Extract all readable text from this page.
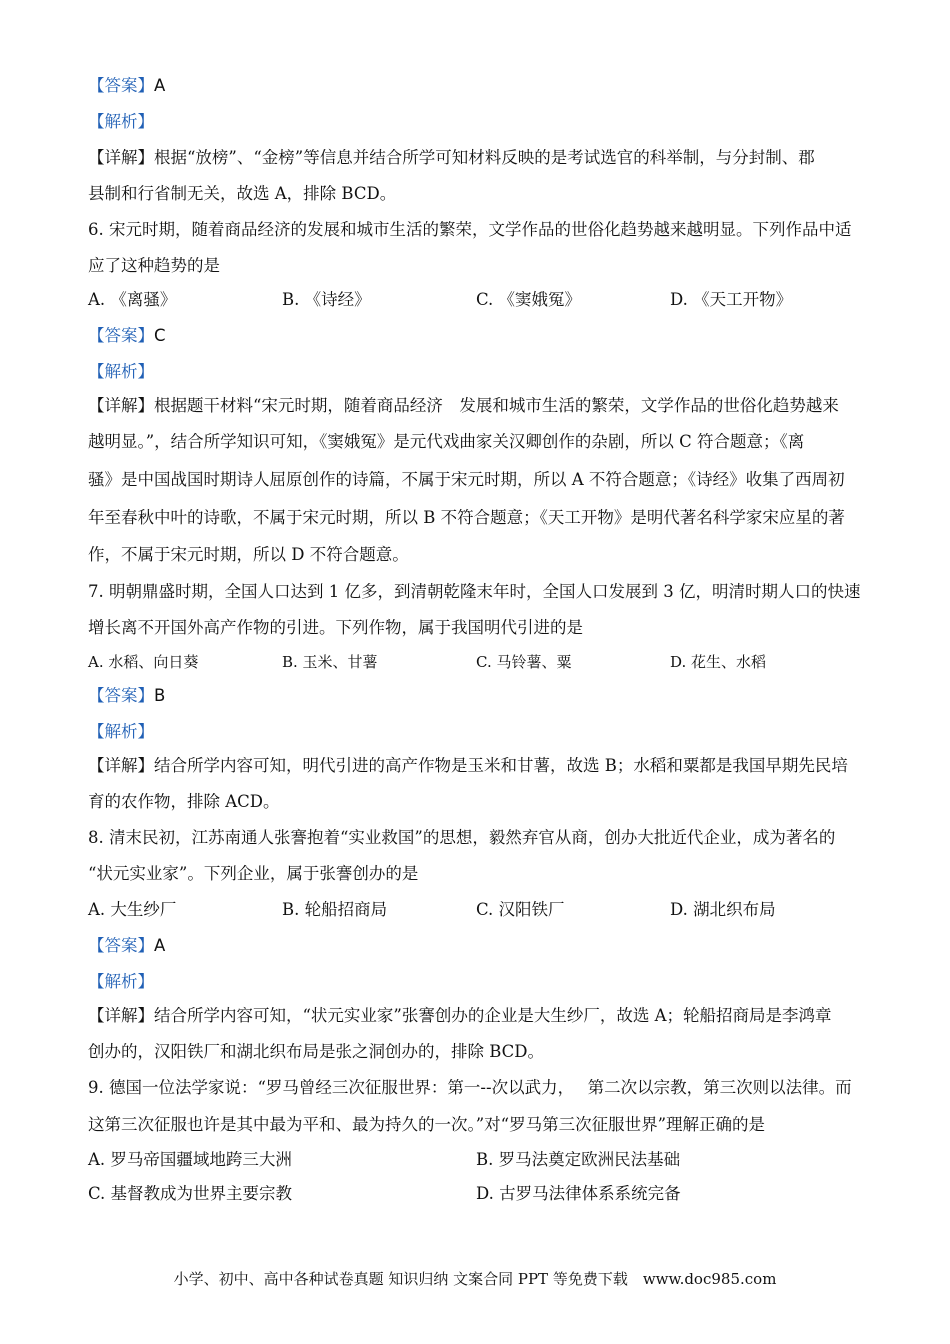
【答案】A
【解析】
【详解】根据“放榜”、“金榜”等信息并结合所学可知材料反映的是考试选官的科举制，与分封制、郡
县制和行省制无关，故选 A，排除 BCD。
6. 宋元时期，随着商品经济的发展和城市生活的繁荣，文学作品的世俗化趋势越来越明显。下列作品中适
应了这种趋势的是
A. 《离骚》	B. 《诗经》	C. 《窦娥冤》	D. 《天工开物》
【答案】C
【解析】
【详解】根据题干材料“宋元时期，随着商品经济　发展和城市生活的繁荣，文学作品的世俗化趋势越来
越明显。”，结合所学知识可知，《窦娥冤》是元代戏曲家关汉卿创作的杂剧，所以 C 符合题意；《离
骚》是中国战国时期诗人屈原创作的诗篇，不属于宋元时期，所以 A 不符合题意；《诗经》收集了西周初
年至春秋中叶的诗歌，不属于宋元时期，所以 B 不符合题意；《天工开物》是明代著名科学家宋应星的著
作，不属于宋元时期，所以 D 不符合题意。
7. 明朝鼎盛时期，全国人口达到 1 亿多，到清朝乾隆末年时，全国人口发展到 3 亿，明清时期人口的快速
增长离不开国外高产作物的引进。下列作物，属于我国明代引进的是
A. 水稻、向日葵	B. 玉米、甘薯	C. 马铃薯、粟	D. 花生、水稻
【答案】B
【解析】
【详解】结合所学内容可知，明代引进的高产作物是玉米和甘薯，故选 B；水稻和粟都是我国早期先民培
育的农作物，排除 ACD。
8. 清末民初，江苏南通人张謇抱着“实业救国”的思想，毅然弃官从商，创办大批近代企业，成为著名的
“状元实业家”。下列企业，属于张謇创办的是
A. 大生纱厂	B. 轮船招商局	C. 汉阳铁厂	D. 湖北织布局
【答案】A
【解析】
【详解】结合所学内容可知，“状元实业家”张謇创办的企业是大生纱厂，故选 A；轮船招商局是李鸿章
创办的，汉阳铁厂和湖北织布局是张之洞创办的，排除 BCD。
9. 德国一位法学家说：“罗马曾经三次征服世界：第一--次以武力，　 第二次以宗教，第三次则以法律。而
这第三次征服也许是其中最为平和、最为持久的一次。”对“罗马第三次征服世界”理解正确的是
A. 罗马帝国疆域地跨三大洲	B. 罗马法奠定欧洲民法基础
C. 基督教成为世界主要宗教	D. 古罗马法律体系系统完备
小学、初中、高中各种试卷真题 知识归纳 文案合同 PPT 等免费下载　www.doc985.com
